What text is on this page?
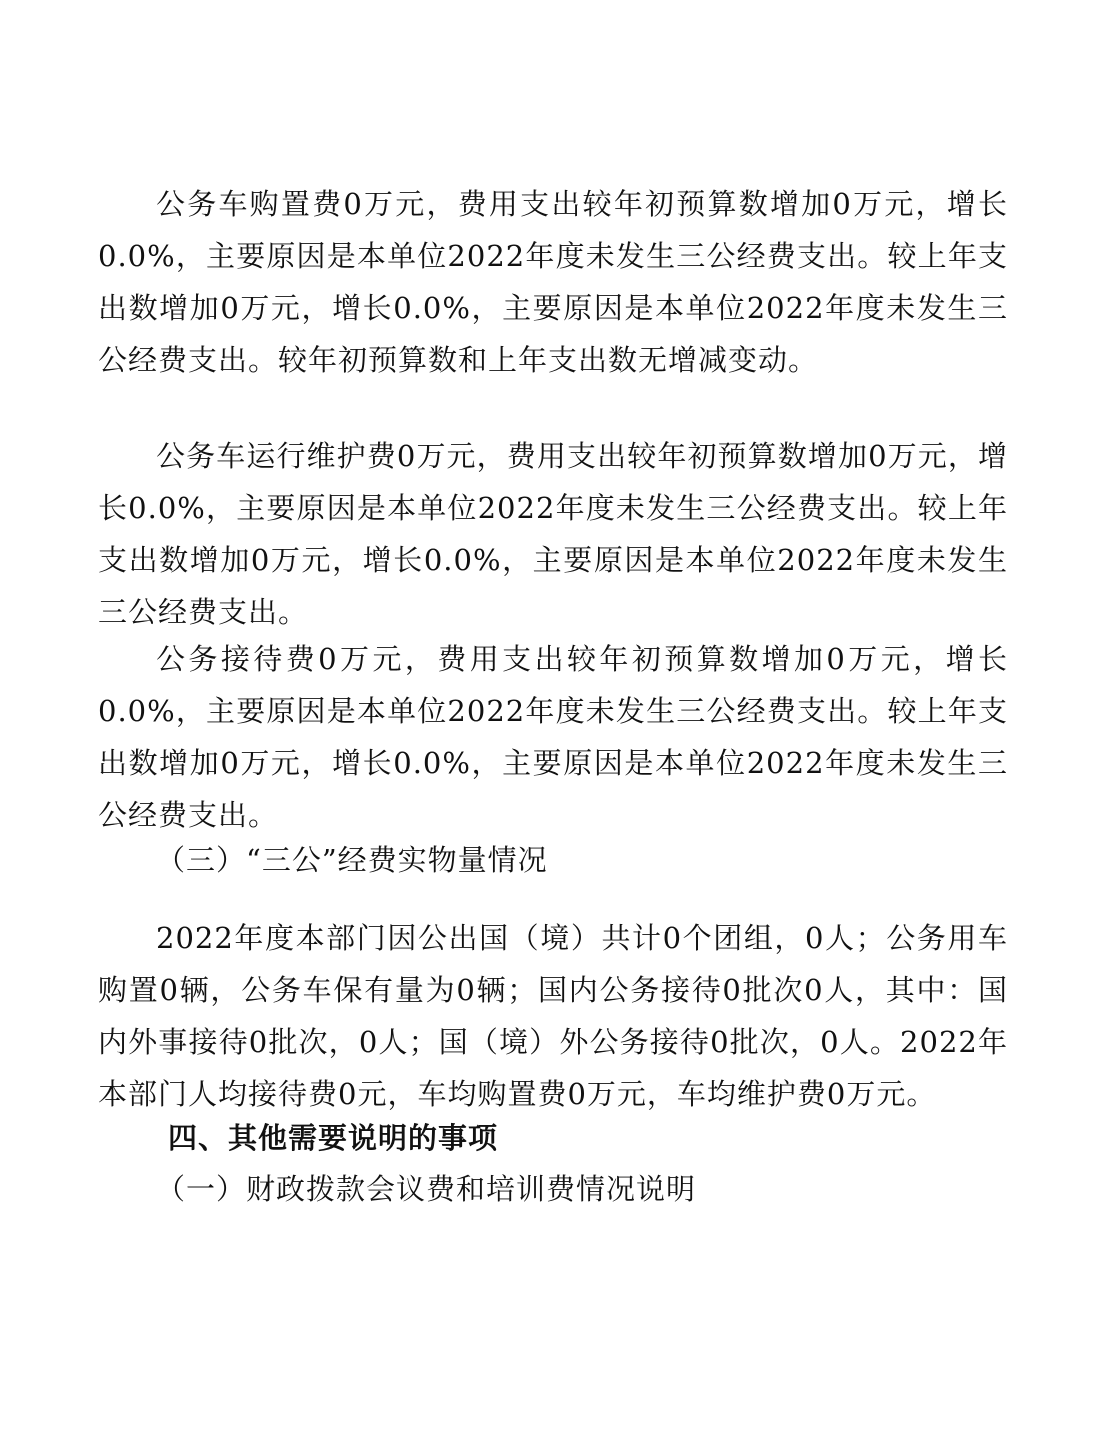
公务车购置费0万元，费用支出较年初预算数增加0万元，增长0.0%，主要原因是本单位2022年度未发生三公经费支出。较上年支出数增加0万元，增长0.0%，主要原因是本单位2022年度未发生三公经费支出。较年初预算数和上年支出数无增减变动。

公务车运行维护费0万元，费用支出较年初预算数增加0万元，增长0.0%，主要原因是本单位2022年度未发生三公经费支出。较上年支出数增加0万元，增长0.0%，主要原因是本单位2022年度未发生三公经费支出。

公务接待费0万元，费用支出较年初预算数增加0万元，增长0.0%，主要原因是本单位2022年度未发生三公经费支出。较上年支出数增加0万元，增长0.0%，主要原因是本单位2022年度未发生三公经费支出。

（三）“三公”经费实物量情况

2022年度本部门因公出国（境）共计0个团组，0人；公务用车购置0辆，公务车保有量为0辆；国内公务接待0批次0人，其中：国内外事接待0批次，0人；国（境）外公务接待0批次，0人。2022年本部门人均接待费0元，车均购置费0万元，车均维护费0万元。

四、其他需要说明的事项

（一）财政拨款会议费和培训费情况说明
